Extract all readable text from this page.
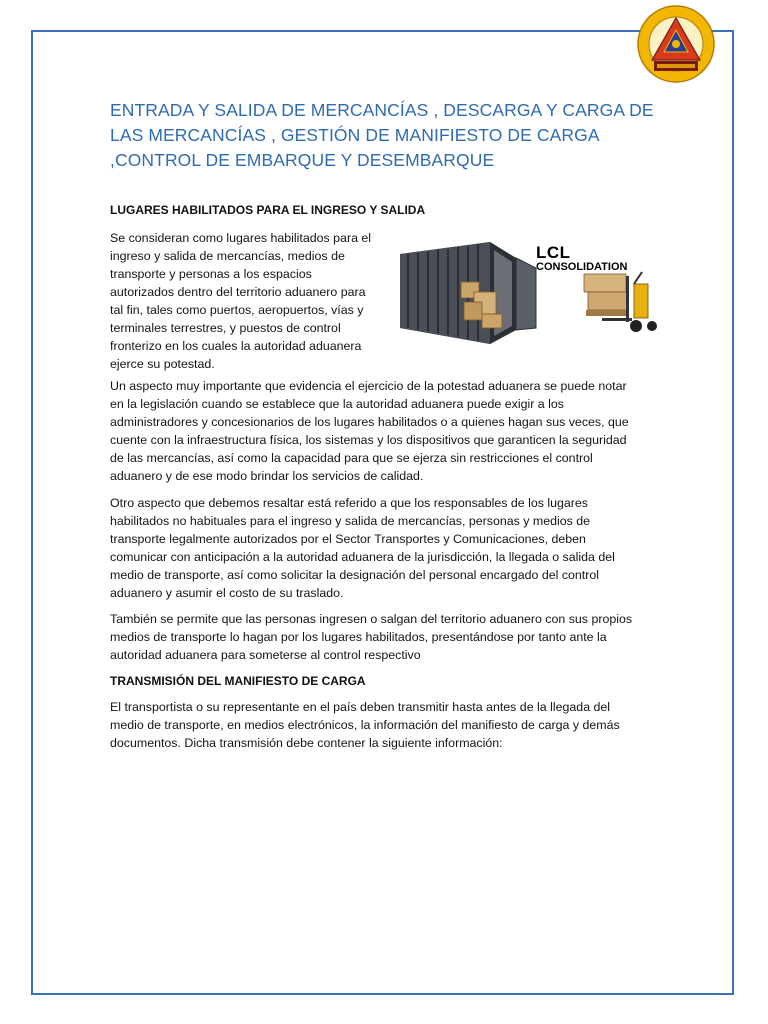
ENTRADA Y SALIDA DE MERCANCÍAS , DESCARGA Y CARGA DE
LAS MERCANCÍAS , GESTIÓN DE MANIFIESTO DE CARGA
,CONTROL DE EMBARQUE Y DESEMBARQUE
LUGARES HABILITADOS PARA EL INGRESO Y SALIDA
Se consideran como lugares habilitados para el
ingreso y salida de mercancías, medios de
transporte y personas a los espacios
autorizados dentro del territorio aduanero para
tal fin, tales como puertos, aeropuertos, vías y
terminales terrestres, y puestos de control
fronterizo en los cuales la autoridad aduanera
ejerce su potestad.
LCL
CONSOLIDATION
Un aspecto muy importante que evidencia el ejercicio de la potestad aduanera se puede notar
en la legislación cuando se establece que la autoridad aduanera puede exigir a los
administradores y concesionarios de los lugares habilitados o a quienes hagan sus veces, que
cuente con la infraestructura física, los sistemas y los dispositivos que garanticen la seguridad
de las mercancías, así como la capacidad para que se ejerza sin restricciones el control
aduanero y de ese modo brindar los servicios de calidad.
Otro aspecto que debemos resaltar está referido a que los responsables de los lugares
habilitados no habituales para el ingreso y salida de mercancías, personas y medios de
transporte legalmente autorizados por el Sector Transportes y Comunicaciones, deben
comunicar con anticipación a la autoridad aduanera de la jurisdicción, la llegada o salida del
medio de transporte, así como solicitar la designación del personal encargado del control
aduanero y asumir el costo de su traslado.
También se permite que las personas ingresen o salgan del territorio aduanero con sus propios
medios de transporte lo hagan por los lugares habilitados, presentándose por tanto ante la
autoridad aduanera para someterse al control respectivo
TRANSMISIÓN DEL MANIFIESTO DE CARGA
El transportista o su representante en el país deben transmitir hasta antes de la llegada del
medio de transporte, en medios electrónicos, la información del manifiesto de carga y demás
documentos. Dicha transmisión debe contener la siguiente información:
